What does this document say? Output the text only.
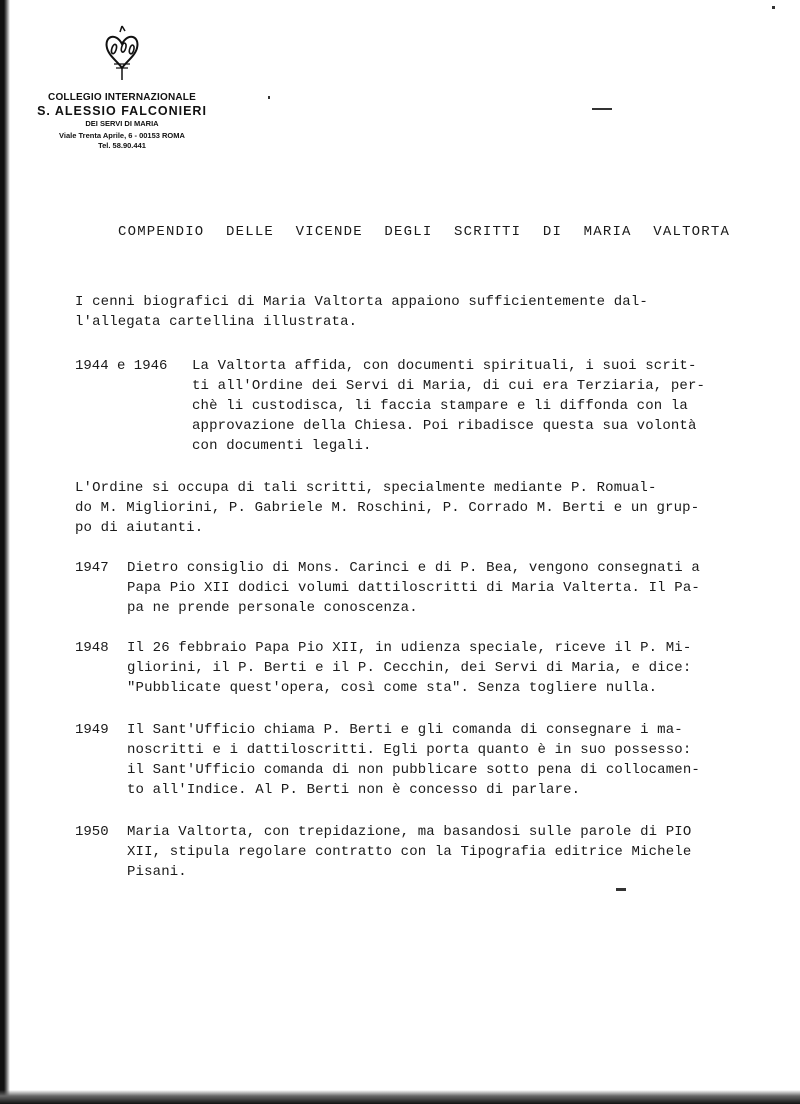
COLLEGIO INTERNAZIONALE
S. ALESSIO FALCONIERI
DEI SERVI DI MARIA
Viale Trenta Aprile, 6 - 00153 ROMA
Tel. 58.90.441
COMPENDIO DELLE VICENDE DEGLI SCRITTI DI MARIA VALTORTA
I cenni biografici di Maria Valtorta appaiono sufficientemente dal-
l'allegata cartellina illustrata.
1944 e 1946 La Valtorta affida, con documenti spirituali, i suoi scrit-
ti all'Ordine dei Servi di Maria, di cui era Terziaria, per-
chè li custodisca, li faccia stampare e li diffonda con la
approvazione della Chiesa. Poi ribadisce questa sua volontà
con documenti legali.
L'Ordine si occupa di tali scritti, specialmente mediante P. Romual-
do M. Migliorini, P. Gabriele M. Roschini, P. Corrado M. Berti e un grup-
po di aiutanti.
1947 Dietro consiglio di Mons. Carinci e di P. Bea, vengono consegnati a
Papa Pio XII dodici volumi dattiloscritti di Maria Valterta. Il Pa-
pa ne prende personale conoscenza.
1948 Il 26 febbraio Papa Pio XII, in udienza speciale, riceve il P. Mi-
gliorini, il P. Berti e il P. Cecchin, dei Servi di Maria, e dice:
"Pubblicate quest'opera, così come sta". Senza togliere nulla.
1949 Il Sant'Ufficio chiama P. Berti e gli comanda di consegnare i ma-
noscritti e i dattiloscritti. Egli porta quanto è in suo possesso:
il Sant'Ufficio comanda di non pubblicare sotto pena di collocamen-
to all'Indice. Al P. Berti non è concesso di parlare.
1950 Maria Valtorta, con trepidazione, ma basandosi sulle parole di PIO
XII, stipula regolare contratto con la Tipografia editrice Michele
Pisani.
